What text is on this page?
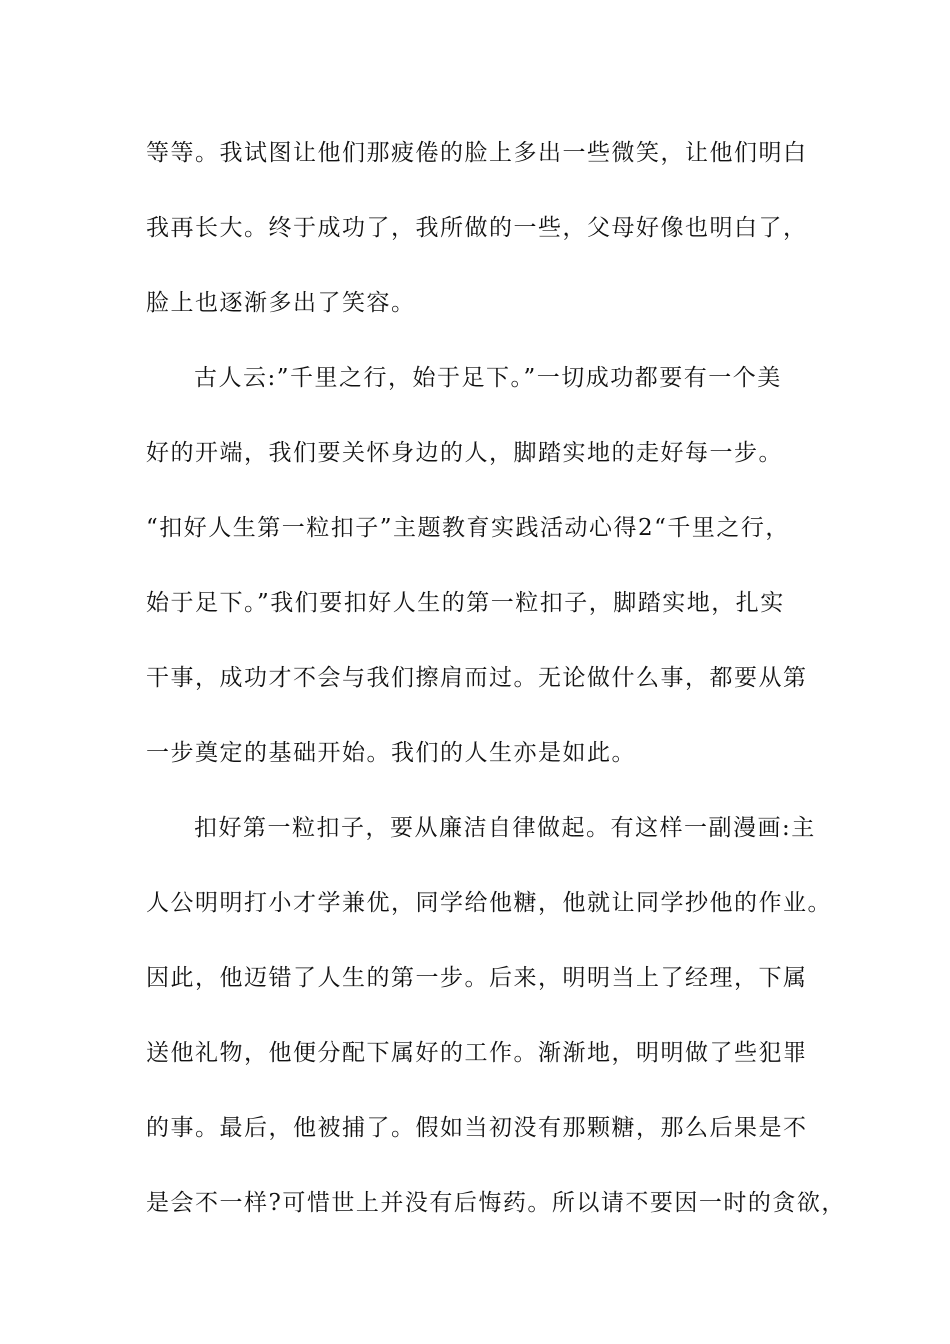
等等。我试图让他们那疲倦的脸上多出一些微笑，让他们明白
我再长大。终于成功了，我所做的一些，父母好像也明白了，
脸上也逐渐多出了笑容。
古人云:”千里之行，始于足下。”一切成功都要有一个美
好的开端，我们要关怀身边的人，脚踏实地的走好每一步。
“扣好人生第一粒扣子”主题教育实践活动心得2“千里之行，
始于足下。”我们要扣好人生的第一粒扣子，脚踏实地，扎实
干事，成功才不会与我们擦肩而过。无论做什么事，都要从第
一步奠定的基础开始。我们的人生亦是如此。
扣好第一粒扣子，要从廉洁自律做起。有这样一副漫画:主
人公明明打小才学兼优，同学给他糖，他就让同学抄他的作业。
因此，他迈错了人生的第一步。后来，明明当上了经理，下属
送他礼物，他便分配下属好的工作。渐渐地，明明做了些犯罪
的事。最后，他被捕了。假如当初没有那颗糖，那么后果是不
是会不一样?可惜世上并没有后悔药。所以请不要因一时的贪欲，
